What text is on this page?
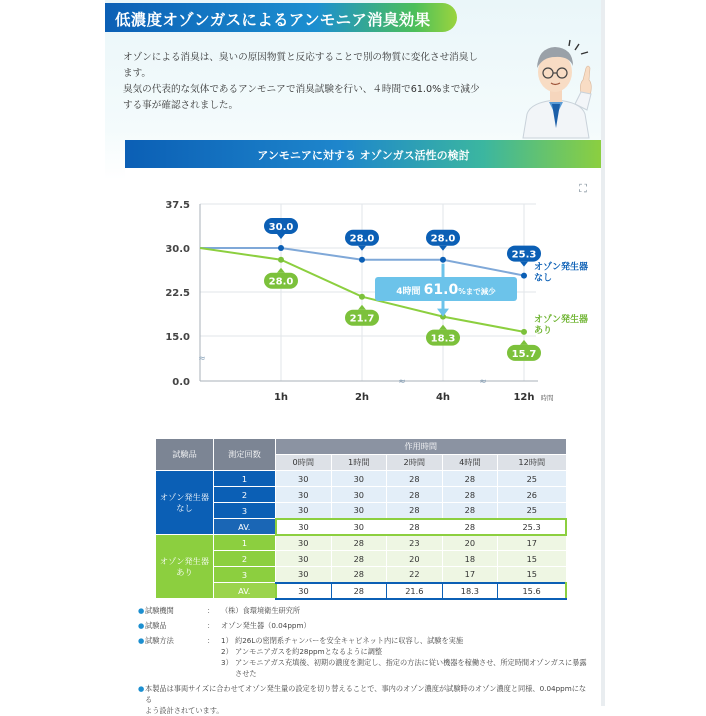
低濃度オゾンガスによるアンモニア消臭効果

オゾンによる消臭は、臭いの原因物質と反応することで別の物質に変化させ消臭し

ます。

臭気の代表的な気体であるアンモニアで消臭試験を行い、４時間で61.0%まで減少

する事が確認されました。

アンモニアに対する オゾンガス活性の検討
⛶
0.0
15.0
22.5
30.0
37.5
≈
≈	≈
1h	2h	4h	12h 時間
30.0
28.0	28.0
25.3
オゾン発生器
なし
28.0
21.7
18.3
15.7
オゾン発生器
あり
4時間 61.0%まで減少
試験品	測定回数	作用時間				
		0時間	1時間	2時間	4時間	12時間

オゾン発生器
なし	1	30	30	28	28	25
	2	30	30	28	28	26
	3	30	30	28	28	25
	AV.	30	30	28	28	25.3

オゾン発生器
あり	1	30	28	23	20	17
	2	30	28	20	18	15
	3	30	28	22	17	15
	AV.	30	28	21.6	18.3	15.6
● 試験機関	： （株）食環境衛生研究所
● 試験品	： オゾン発生器（0.04ppm）
● 試験方法	： 1） 約26Lの密閉系チャンバーを安全キャビネット内に収容し、試験を実施
2） アンモニアガスを約28ppmとなるように調整
3） アンモニアガス充填後、初期の濃度を測定し、指定の方法に従い機器を稼働させ、所定時間オゾンガスに暴露させた
● 本製品は事両サイズに合わせてオゾン発生量の設定を切り替えることで、事内のオゾン濃度が試験時のオゾン濃度と同様、0.04ppmになる
よう設計されています。
